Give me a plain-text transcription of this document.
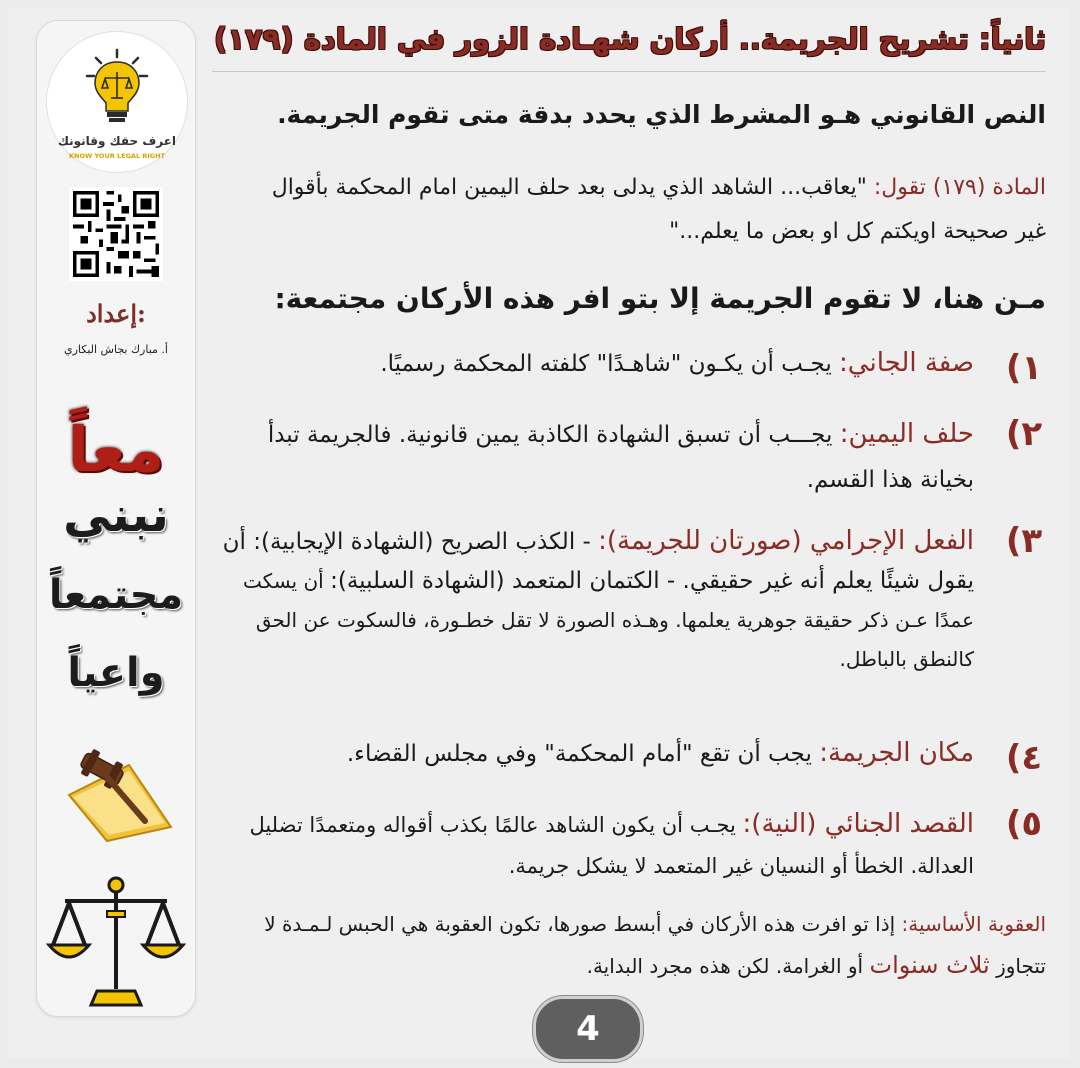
اعرف حقك وقانونك
KNOW YOUR LEGAL RIGHT
إعداد:
أ. مبارك بجاش البكاري
معاً
نبني
مجتمعاً
واعياً
ثانياً: تشريح الجريمة.. أركان شهـادة الزور في المادة (١٧٩)
النص القانوني هـو المشرط الذي يحدد بدقة متى تقوم الجريمة.
المادة (١٧٩) تقول: "يعاقب... الشاهد الذي يدلى بعد حلف اليمين امام المحكمة بأقوال غير صحيحة اويكتم كل او بعض ما يعلم..."
مـن هنا، لا تقوم الجريمة إلا بتو افر هذه الأركان مجتمعة:
١)
صفة الجاني: يجـب أن يكـون "شاهـدًا" كلفته المحكمة رسميًا.
٢)
حلف اليمين: يجـــب أن تسبق الشهادة الكاذبة يمين قانونية. فالجريمة تبدأ بخيانة هذا القسم.
٣)
الفعل الإجرامي (صورتان للجريمة): - الكذب الصريح (الشهادة الإيجابية): أن يقول شيئًا يعلم أنه غير حقيقي. - الكتمان المتعمد (الشهادة السلبية): أن يسكت عمدًا عـن ذكر حقيقة جوهرية يعلمها. وهـذه الصورة لا تقل خطـورة، فالسكوت عن الحق كالنطق بالباطل.
٤)
مكان الجريمة: يجب أن تقع "أمام المحكمة" وفي مجلس القضاء.
٥)
القصد الجنائي (النية): يجـب أن يكون الشاهد عالمًا بكذب أقواله ومتعمدًا تضليل العدالة. الخطأ أو النسيان غير المتعمد لا يشكل جريمة.
العقوبة الأساسية: إذا تو افرت هذه الأركان في أبسط صورها، تكون العقوبة هي الحبس لـمـدة لا تتجاوز ثلاث سنوات أو الغرامة. لكن هذه مجرد البداية.
4
